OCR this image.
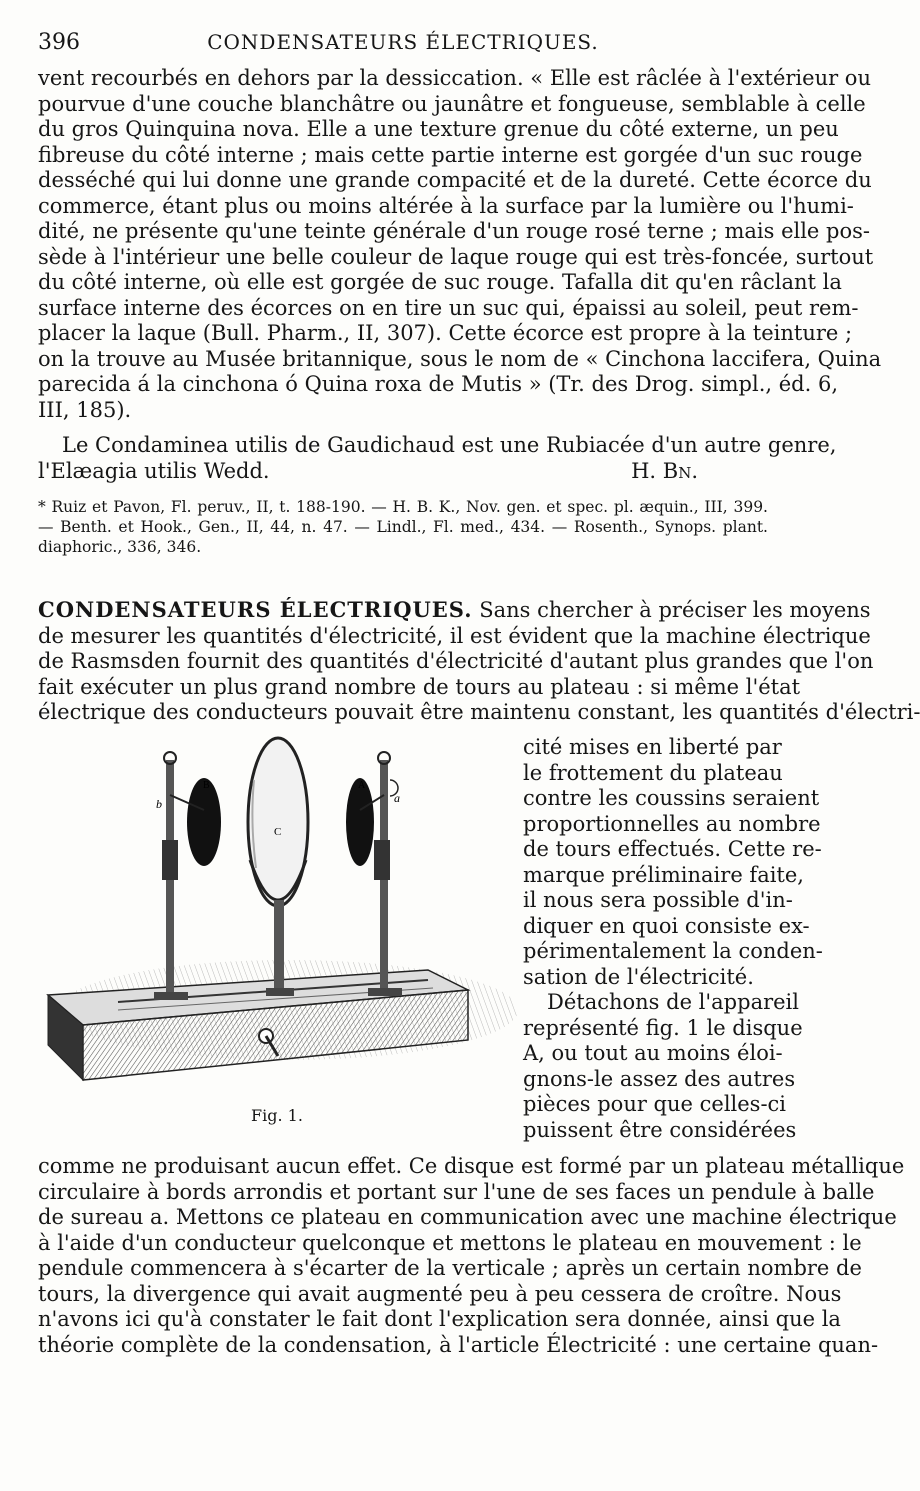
396	CONDENSATEURS ÉLECTRIQUES.

vent recourbés en dehors par la dessiccation. « Elle est râclée à l'extérieur ou
pourvue d'une couche blanchâtre ou jaunâtre et fongueuse, semblable à celle
du gros Quinquina nova. Elle a une texture grenue du côté externe, un peu
fibreuse du côté interne ; mais cette partie interne est gorgée d'un suc rouge
desséché qui lui donne une grande compacité et de la dureté. Cette écorce du
commerce, étant plus ou moins altérée à la surface par la lumière ou l'humi-
dité, ne présente qu'une teinte générale d'un rouge rosé terne ; mais elle pos-
sède à l'intérieur une belle couleur de laque rouge qui est très-foncée, surtout
du côté interne, où elle est gorgée de suc rouge. Tafalla dit qu'en râclant la
surface interne des écorces on en tire un suc qui, épaissi au soleil, peut rem-
placer la laque (Bull. Pharm., II, 307). Cette écorce est propre à la teinture ;
on la trouve au Musée britannique, sous le nom de « Cinchona laccifera, Quina
parecida á la cinchona ó Quina roxa de Mutis » (Tr. des Drog. simpl., éd. 6,
III, 185).

Le Condaminea utilis de Gaudichaud est une Rubiacée d'un autre genre,
l'Elæagia utilis Wedd.	H. Bn.

* Ruiz et Pavon, Fl. peruv., II, t. 188-190. — H. B. K., Nov. gen. et spec. pl. æquin., III, 399.
— Benth. et Hook., Gen., II, 44, n. 47. — Lindl., Fl. med., 434. — Rosenth., Synops. plant.
diaphoric., 336, 346.

CONDENSATEURS ÉLECTRIQUES. Sans chercher à préciser les moyens
de mesurer les quantités d'électricité, il est évident que la machine électrique
de Rasmsden fournit des quantités d'électricité d'autant plus grandes que l'on
fait exécuter un plus grand nombre de tours au plateau : si même l'état
électrique des conducteurs pouvait être maintenu constant, les quantités d'électri-

B	A
C
b	a
Fig. 1.
cité mises en liberté par
le frottement du plateau
contre les coussins seraient
proportionnelles au nombre
de tours effectués. Cette re-
marque préliminaire faite,
il nous sera possible d'in-
diquer en quoi consiste ex-
périmentalement la conden-
sation de l'électricité.
Détachons de l'appareil
représenté fig. 1 le disque
A, ou tout au moins éloi-
gnons-le assez des autres
pièces pour que celles-ci
puissent être considérées

comme ne produisant aucun effet. Ce disque est formé par un plateau métallique
circulaire à bords arrondis et portant sur l'une de ses faces un pendule à balle
de sureau a. Mettons ce plateau en communication avec une machine électrique
à l'aide d'un conducteur quelconque et mettons le plateau en mouvement : le
pendule commencera à s'écarter de la verticale ; après un certain nombre de
tours, la divergence qui avait augmenté peu à peu cessera de croître. Nous
n'avons ici qu'à constater le fait dont l'explication sera donnée, ainsi que la
théorie complète de la condensation, à l'article Électricité : une certaine quan-
